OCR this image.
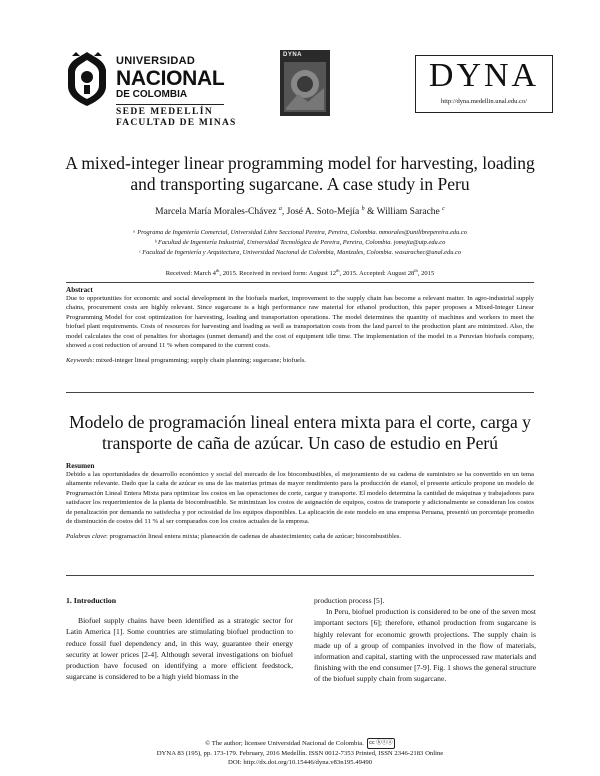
UNIVERSIDAD
NACIONAL
DE COLOMBIA
SEDE MEDELLÍN
FACULTAD DE MINAS
DYNA
DYNA
http://dyna.medellin.unal.edu.co/
A mixed-integer linear programming model for harvesting, loading
and transporting sugarcane. A case study in Peru
Marcela María Morales-Chávez $^a$, José A. Soto-Mejía $^b$ & William Sarache $^c$
ᵃ Programa de Ingeniería Comercial, Universidad Libre Seccional Pereira, Pereira, Colombia. mmorales@unilibrepereira.edu.co
ᵇ Facultad de Ingeniería Industrial, Universidad Tecnológica de Pereira, Pereira, Colombia. jomejia@utp.edu.co
ᶜ Facultad de Ingeniería y Arquitectura, Universidad Nacional de Colombia, Manizales, Colombia. wasarachec@unal.edu.co
Received: March 4th, 2015. Received in revised form: August 12th, 2015. Accepted: August 28th, 2015
Abstract
Due to opportunities for economic and social development in the biofuels market, improvement to the supply chain has become a relevant matter. In agro-industrial supply chains, procurement costs are highly relevant. Since sugarcane is a high performance raw material for ethanol production, this paper proposes a Mixed-Integer Linear Programming Model for cost optimization for harvesting, loading and transportation operations. The model determines the quantity of machines and workers to meet the biofuel plant requirements. Costs of resources for harvesting and loading as well as transportation costs from the land parcel to the production plant are minimized. Also, the model calculates the cost of penalties for shortages (unmet demand) and the cost of equipment idle time. The implementation of the model in a Peruvian biofuels company, showed a cost reduction of around 11 % when compared to the current costs.
Keywords: mixed-integer lineal programming; supply chain planning; sugarcane; biofuels.
Modelo de programación lineal entera mixta para el corte, carga y
transporte de caña de azúcar. Un caso de estudio en Perú
Resumen
Debido a las oportunidades de desarrollo económico y social del mercado de los biocombustibles, el mejoramiento de su cadena de suministro se ha convertido en un tema altamente relevante. Dado que la caña de azúcar es una de las materias primas de mayor rendimiento para la producción de etanol, el presente artículo propone un modelo de Programación Lineal Entera Mixta para optimizar los costos en las operaciones de corte, cargue y transporte. El modelo determina la cantidad de máquinas y trabajadores para satisfacer los requerimientos de la planta de biocombustible. Se minimizan los costos de asignación de equipos, costos de transporte y adicionalmente se consideran los costos de penalización por demanda no satisfecha y por ociosidad de los equipos disponibles. La aplicación de este modelo en una empresa Peruana, presentó un porcentaje promedio de disminución de costos del 11 % al ser comparados con los costos actuales de la empresa.
Palabras clave: programación lineal entera mixta; planeación de cadenas de abastecimiento; caña de azúcar; biocombustibles.
1. Introduction
Biofuel supply chains have been identified as a strategic sector for Latin America [1]. Some countries are stimulating biofuel production to reduce fossil fuel dependency and, in this way, guarantee their energy security at lower prices [2-4]. Although several investigations on biofuel production have focused on identifying a more efficient feedstock, sugarcane is considered to be a high yield biomass in the
production process [5].
In Peru, biofuel production is considered to be one of the seven most important sectors [6]; therefore, ethanol production from sugarcane is highly relevant for economic growth projections. The supply chain is made up of a group of companies involved in the flow of materials, information and capital, starting with the unprocessed raw materials and finishing with the end consumer [7-9]. Fig. 1 shows the general structure of the biofuel supply chain from sugarcane.
© The author; licensee Universidad Nacional de Colombia. cc ⓑⓢⓐ
DYNA 83 (195), pp. 173-179. February, 2016 Medellín. ISSN 0012-7353 Printed, ISSN 2346-2183 Online
DOI: http://dx.doi.org/10.15446/dyna.v83n195.49490
